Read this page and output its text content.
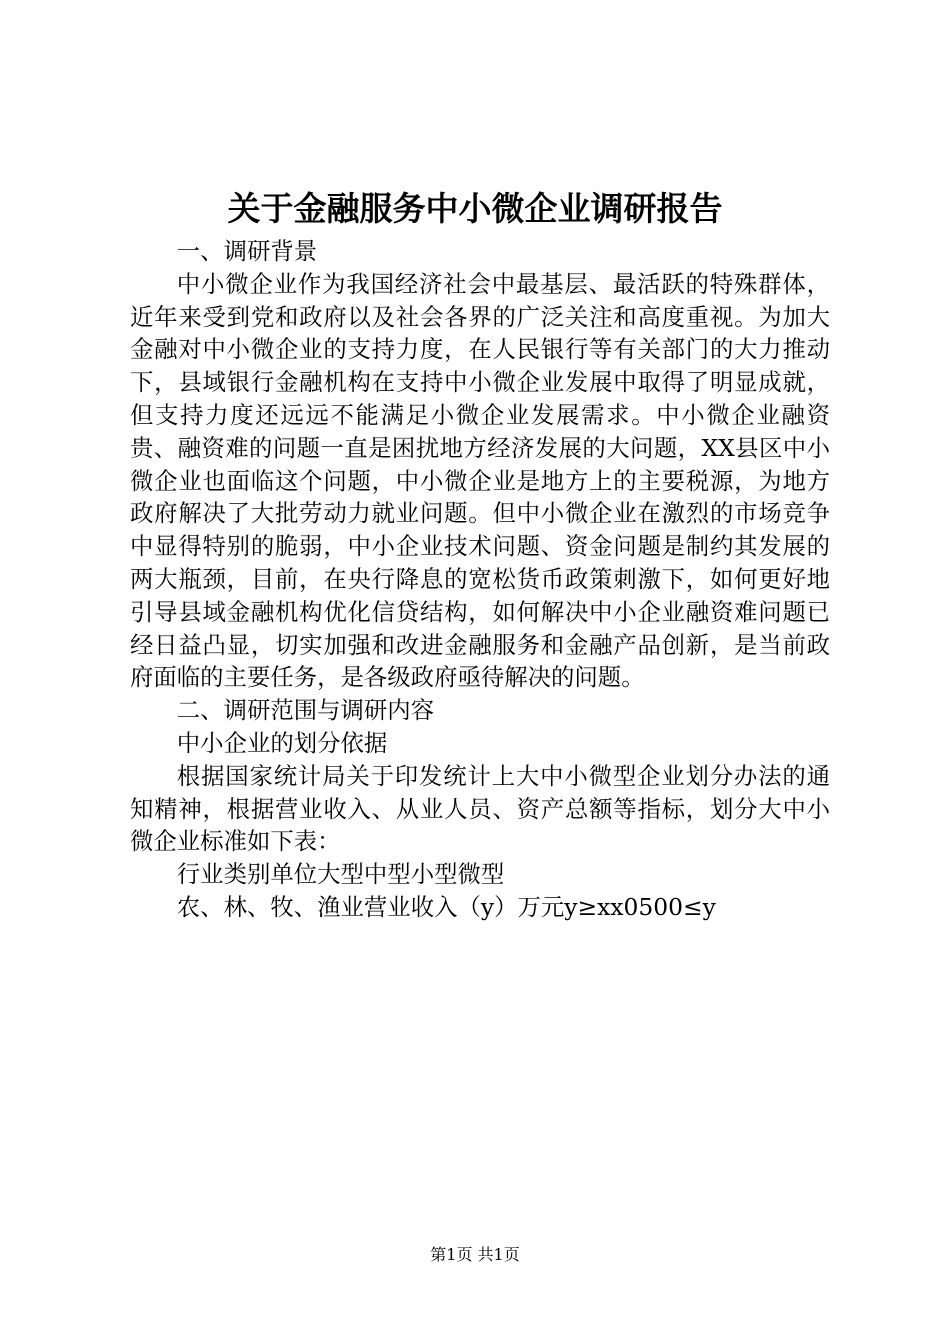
关于金融服务中小微企业调研报告

一、调研背景

中小微企业作为我国经济社会中最基层、最活跃的特殊群体，近年来受到党和政府以及社会各界的广泛关注和高度重视。为加大金融对中小微企业的支持力度，在人民银行等有关部门的大力推动下，县域银行金融机构在支持中小微企业发展中取得了明显成就，但支持力度还远远不能满足小微企业发展需求。中小微企业融资贵、融资难的问题一直是困扰地方经济发展的大问题，XX县区中小微企业也面临这个问题，中小微企业是地方上的主要税源，为地方政府解决了大批劳动力就业问题。但中小微企业在激烈的市场竞争中显得特别的脆弱，中小企业技术问题、资金问题是制约其发展的两大瓶颈，目前，在央行降息的宽松货币政策刺激下，如何更好地引导县域金融机构优化信贷结构，如何解决中小企业融资难问题已经日益凸显，切实加强和改进金融服务和金融产品创新，是当前政府面临的主要任务，是各级政府亟待解决的问题。

二、调研范围与调研内容

中小企业的划分依据

根据国家统计局关于印发统计上大中小微型企业划分办法的通知精神，根据营业收入、从业人员、资产总额等指标，划分大中小微企业标准如下表：

行业类别单位大型中型小型微型

农、林、牧、渔业营业收入（y）万元y≥xx0500≤y

第1页 共1页
